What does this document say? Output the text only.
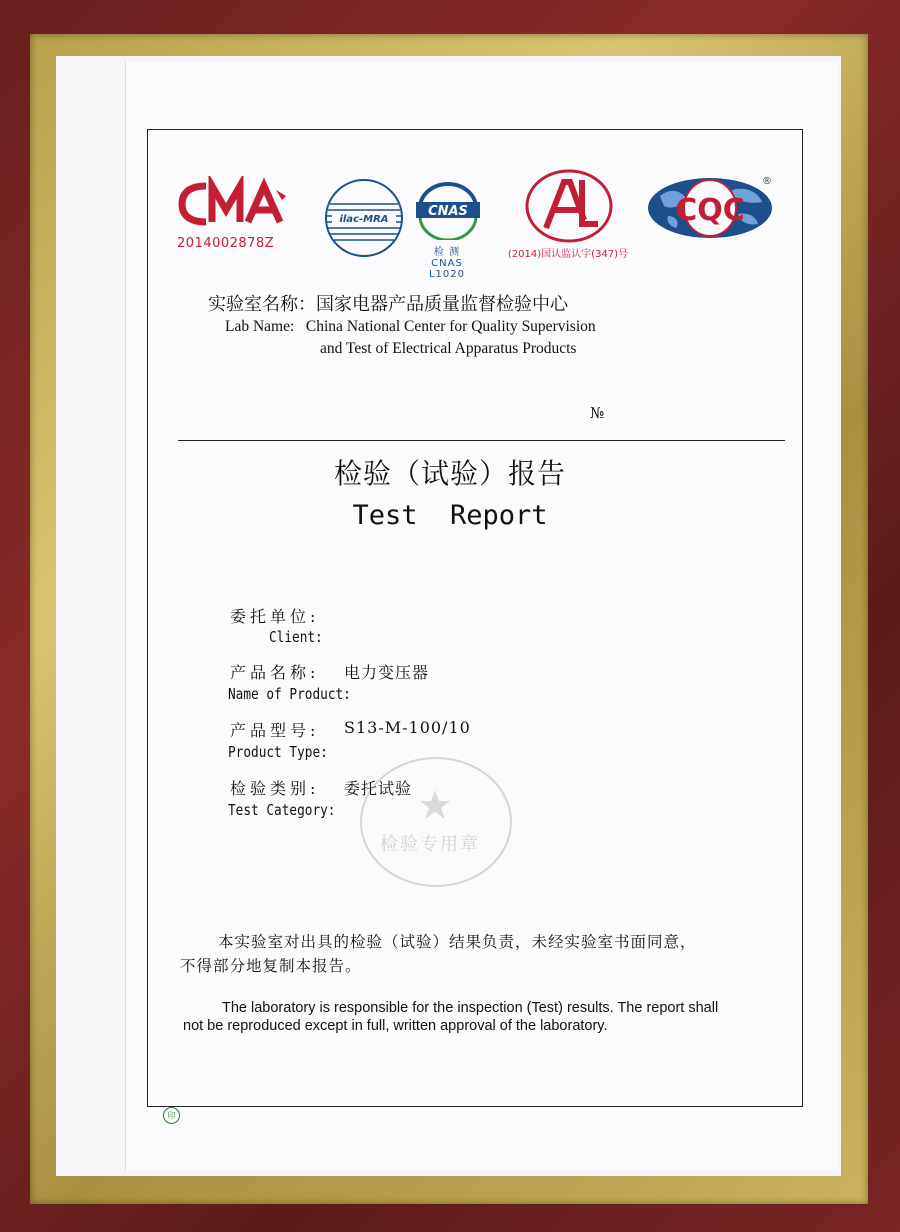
2014002878Z
ilac-MRA
CNAS
检 测
CNAS L1020
(2014)国认监认字(347)号
CQC
®
实验室名称：国家电器产品质量监督检验中心
Lab Name:   China National Center for Quality Supervision
and Test of Electrical Apparatus Products
№
检验（试验）报告
Test  Report
检验专用章
委托单位:
Client:
产品名称:
Name of Product:
电力变压器
产品型号:
Product Type:
S13-M-100/10
检验类别:
Test Category:
委托试验
本实验室对出具的检验（试验）结果负责，未经实验室书面同意，
不得部分地复制本报告。
The laboratory is responsible for the inspection (Test) results. The report shall
not be reproduced except in full, written approval of the laboratory.
印
